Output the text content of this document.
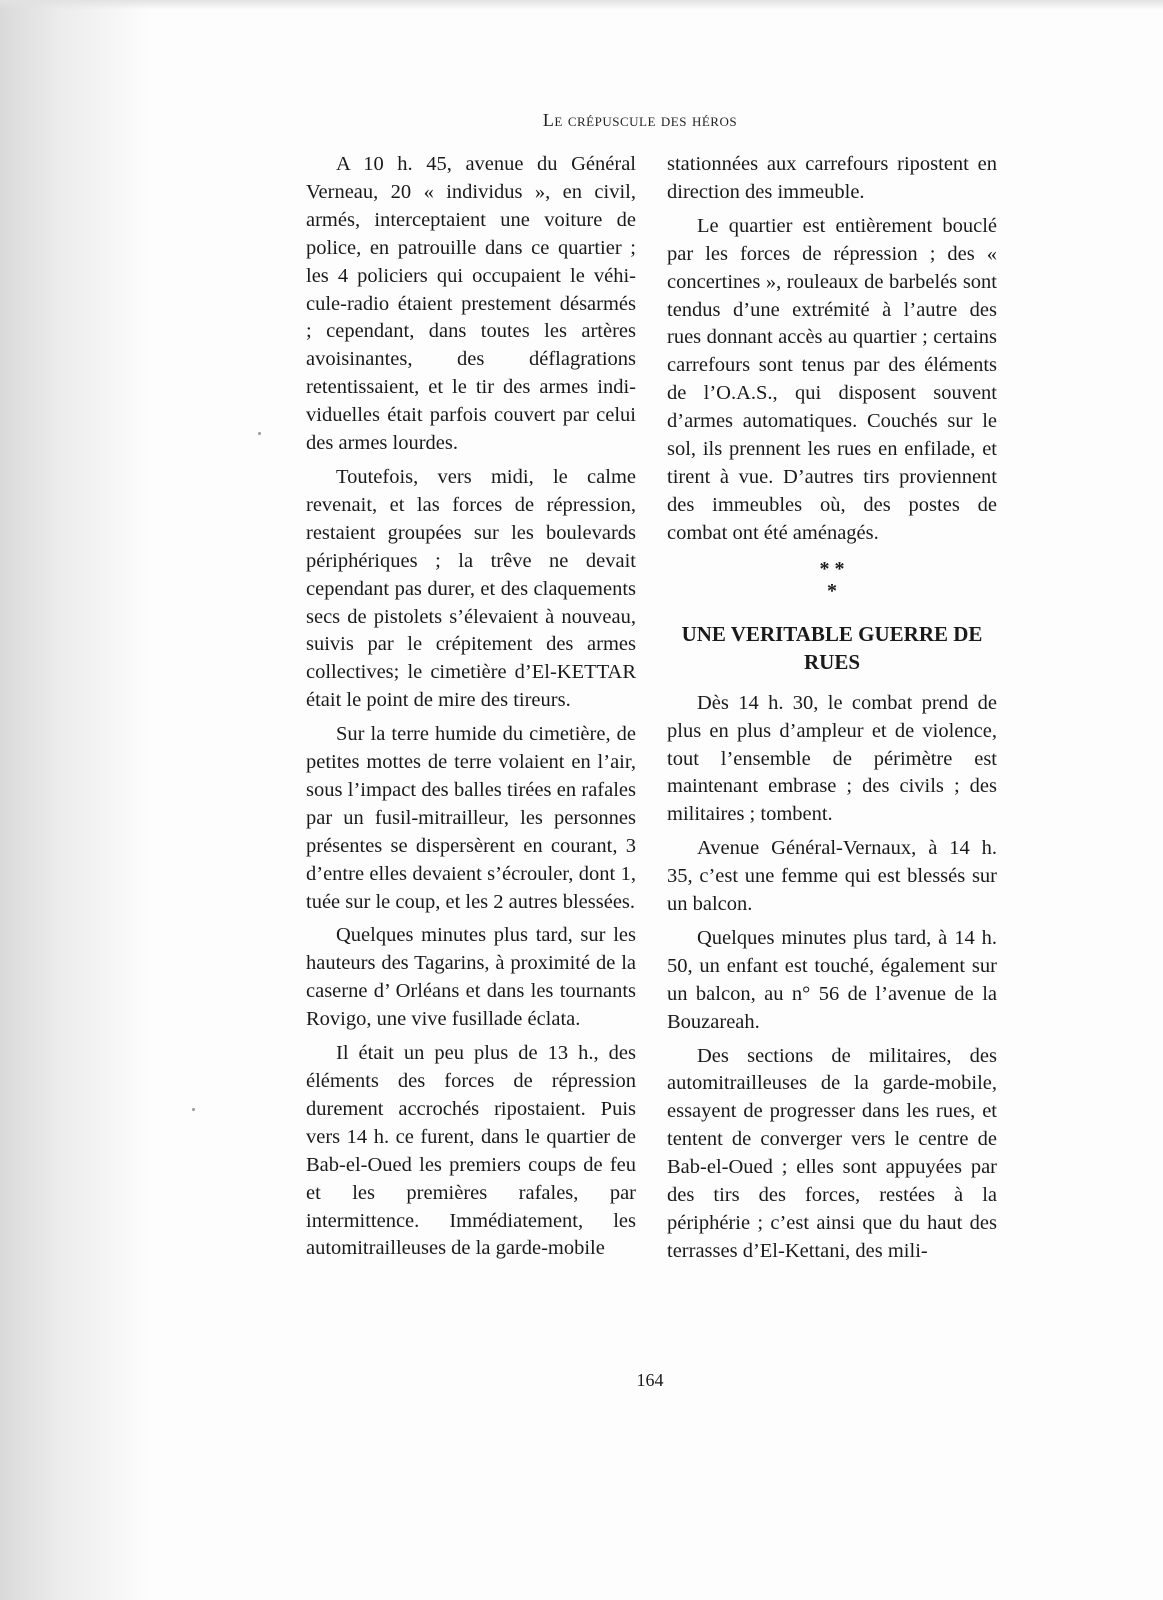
Le crépuscule des héros

A 10 h. 45, avenue du Général Verneau, 20 « individus », en civil, armés, interceptaient une voiture de police, en patrouille dans ce quartier ; les 4 policiers qui occupaient le véhicule-radio étaient prestement désarmés ; cependant, dans toutes les artères avoisinantes, des déflagrations retentissaient, et le tir des armes individuelles était parfois couvert par celui des armes lourdes.

Toutefois, vers midi, le calme revenait, et las forces de répression, restaient groupées sur les boulevards périphériques ; la trêve ne devait cependant pas durer, et des claquements secs de pistolets s’élevaient à nouveau, suivis par le crépitement des armes collectives; le cimetière d’El-KETTAR était le point de mire des tireurs.

Sur la terre humide du cimetière, de petites mottes de terre volaient en l’air, sous l’impact des balles tirées en rafales par un fusil-mitrailleur, les personnes présentes se dispersèrent en courant, 3 d’entre elles devaient s’écrouler, dont 1, tuée sur le coup, et les 2 autres blessées.

Quelques minutes plus tard, sur les hauteurs des Tagarins, à proximité de la caserne d’ Orléans et dans les tournants Rovigo, une vive fusillade éclata.

Il était un peu plus de 13 h., des éléments des forces de répression durement accrochés ripostaient. Puis vers 14 h. ce furent, dans le quartier de Bab-el-Oued les premiers coups de feu et les premières rafales, par intermittence. Immédiatement, les automitrailleuses de la garde-mobile

stationnées aux carrefours ripostent en direction des immeuble.

Le quartier est entièrement bouclé par les forces de répression ; des « concertines », rouleaux de barbelés sont tendus d’une extrémité à l’autre des rues donnant accès au quartier ; certains carrefours sont tenus par des éléments de l’O.A.S., qui disposent souvent d’armes automatiques. Couchés sur le sol, ils prennent les rues en enfilade, et tirent à vue. D’autres tirs proviennent des immeubles où, des postes de combat ont été aménagés.

* *
*
UNE VERITABLE GUERRE DE RUES

Dès 14 h. 30, le combat prend de plus en plus d’ampleur et de violence, tout l’ensemble de périmètre est maintenant embrase ; des civils ; des militaires ; tombent.

Avenue Général-Vernaux, à 14 h. 35, c’est une femme qui est blessés sur un balcon.

Quelques minutes plus tard, à 14 h. 50, un enfant est touché, également sur un balcon, au n° 56 de l’avenue de la Bouzareah.

Des sections de militaires, des automitrailleuses de la garde-mobile, essayent de progresser dans les rues, et tentent de converger vers le centre de Bab-el-Oued ; elles sont appuyées par des tirs des forces, restées à la périphérie ; c’est ainsi que du haut des terrasses d’El-Kettani, des mili-

164
